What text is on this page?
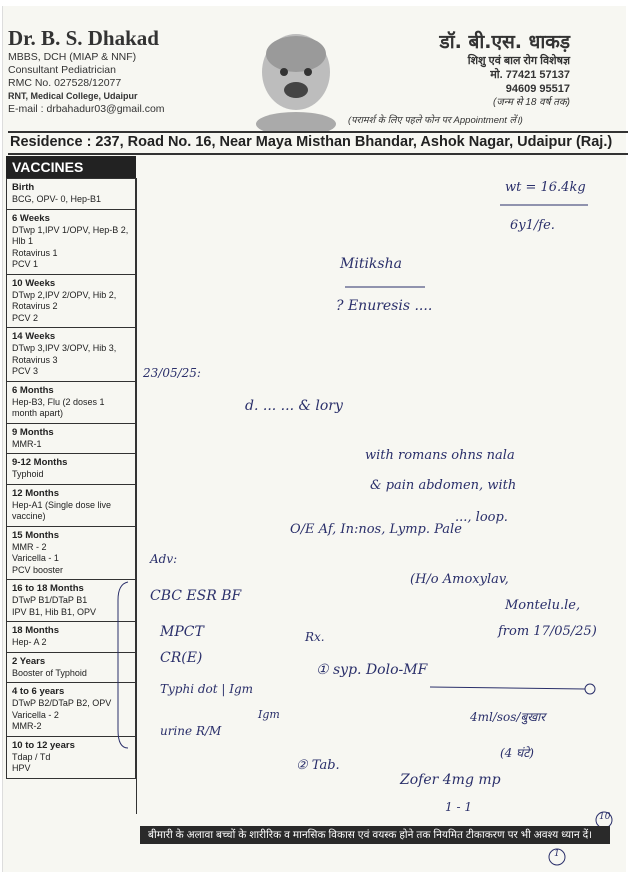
Dr. B. S. Dhakad
MBBS, DCH (MIAP & NNF)
Consultant Pediatrician
RMC No. 027528/12077
RNT, Medical College, Udaipur
E-mail : drbahadur03@gmail.com
डॉ. बी.एस. धाकड़
शिशु एवं बाल रोग विशेषज्ञ
मो. 77421 57137
94609 95517
(जन्म से 18 वर्ष तक)
(परामर्श के लिए पहले फोन पर Appointment लें।)
Residence : 237, Road No. 16, Near Maya Misthan Bhandar, Ashok Nagar, Udaipur (Raj.)
VACCINES
Birth
BCG, OPV- 0, Hep-B1
6 Weeks
DTwp 1,IPV 1/OPV, Hep-B 2, Hlb 1
Rotavirus 1
PCV 1
10 Weeks
DTwp 2,IPV 2/OPV, Hib 2, Rotavirus 2
PCV 2
14 Weeks
DTwp 3,IPV 3/OPV, Hib 3, Rotavirus 3
PCV 3
6 Months
Hep-B3, Flu (2 doses 1 month apart)
9 Months
MMR-1
9-12 Months
Typhoid
12 Months
Hep-A1 (Single dose live vaccine)
15 Months
MMR - 2
Varicella - 1
PCV booster
16 to 18 Months
DTwP B1/DTaP B1
IPV B1, Hib B1, OPV
18 Months
Hep- A 2
2 Years
Booster of Typhoid
4 to 6 years
DTwP B2/DTaP B2, OPV
Varicella - 2
MMR-2
10 to 12 years
Tdap / Td
HPV
wt = 16.4kg
6y1/fe.
Mitiksha
? Enuresis ....
23/05/25:
d. ... ... & lory
with romans ohns nala
& pain abdomen, with
..., loop.
O/E Af, In:nos, Lymp. Pale
(H/o Amoxylav,
Montelu.le,
from 17/05/25)
Adv:
CBC ESR BF
MPCT
CR(E)
Typhi dot | Igm
Igm
urine R/M
Rx.
① syp. Dolo-MF
4ml/sos/बुखार
(4 घंटे)
② Tab.
Zofer 4mg mp
1 - 1
10
1
बीमारी के अलावा बच्चों के शारीरिक व मानसिक विकास एवं वयस्क होने तक नियमित टीकाकरण पर भी अवश्य ध्यान दें।
